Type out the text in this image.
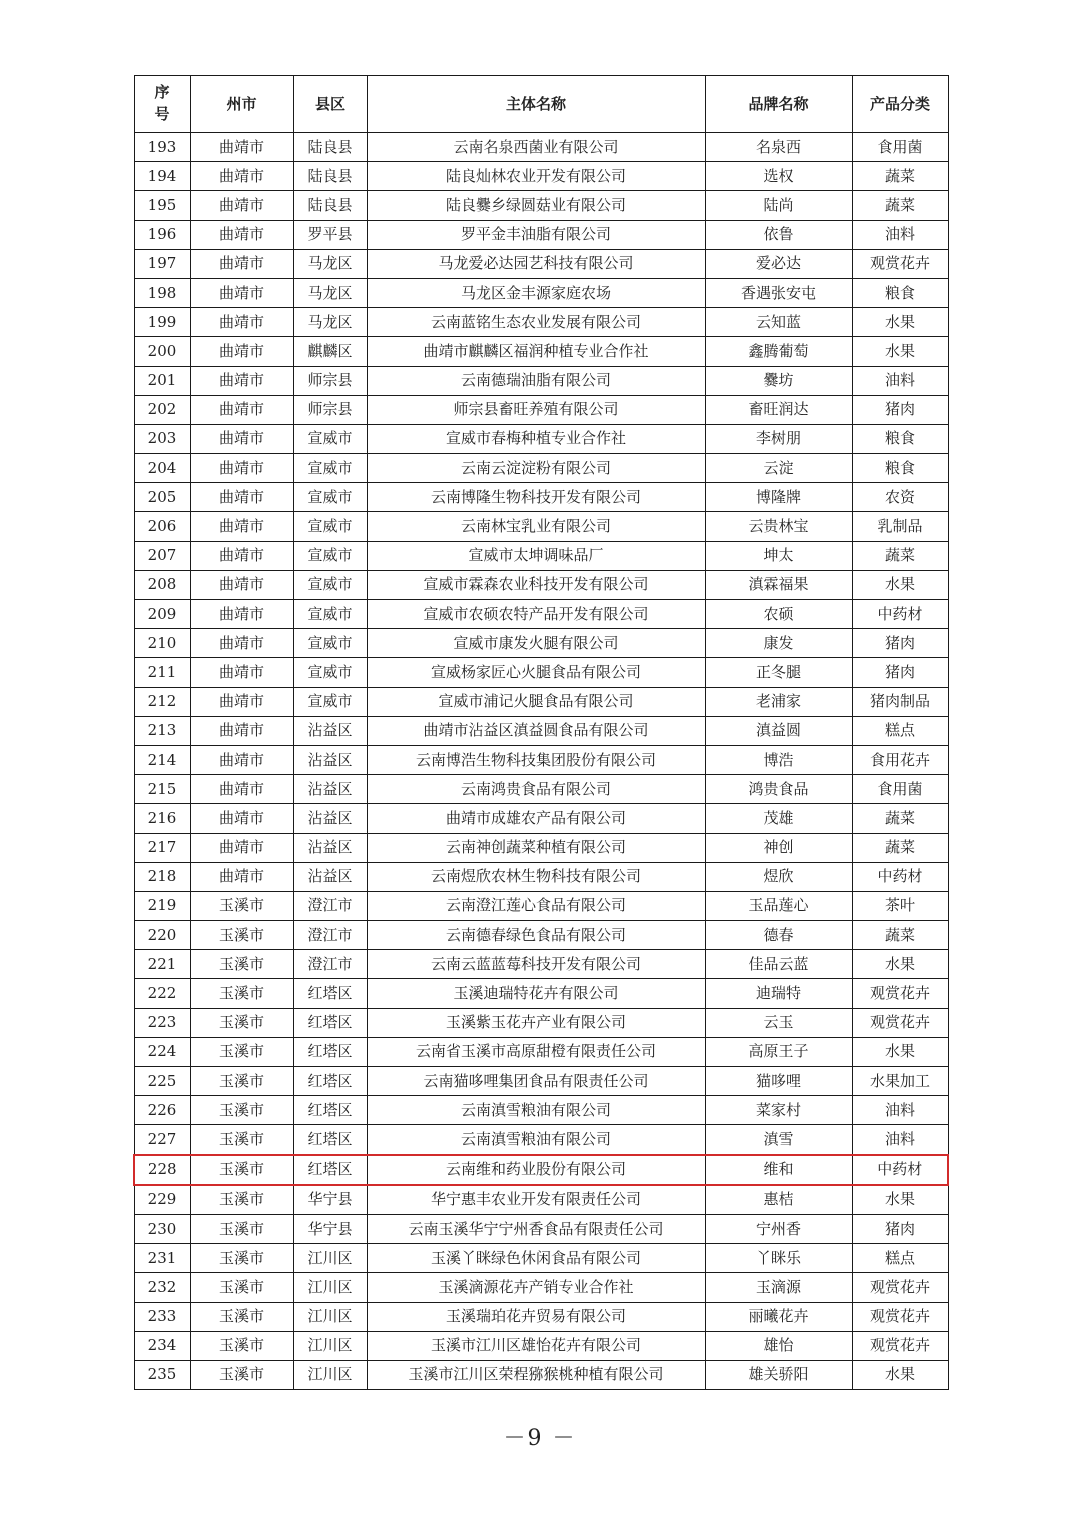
序
号	州市	县区	主体名称	品牌名称	产品分类
193	曲靖市	陆良县	云南名泉西菌业有限公司	名泉西	食用菌
194	曲靖市	陆良县	陆良灿林农业开发有限公司	选权	蔬菜
195	曲靖市	陆良县	陆良爨乡绿圆菇业有限公司	陆尚	蔬菜
196	曲靖市	罗平县	罗平金丰油脂有限公司	依鲁	油料
197	曲靖市	马龙区	马龙爱必达园艺科技有限公司	爱必达	观赏花卉
198	曲靖市	马龙区	马龙区金丰源家庭农场	香遇张安屯	粮食
199	曲靖市	马龙区	云南蓝铭生态农业发展有限公司	云知蓝	水果
200	曲靖市	麒麟区	曲靖市麒麟区福润种植专业合作社	鑫腾葡萄	水果
201	曲靖市	师宗县	云南德瑞油脂有限公司	爨坊	油料
202	曲靖市	师宗县	师宗县畜旺养殖有限公司	畜旺润达	猪肉
203	曲靖市	宣威市	宣威市春梅种植专业合作社	李树朋	粮食
204	曲靖市	宣威市	云南云淀淀粉有限公司	云淀	粮食
205	曲靖市	宣威市	云南博隆生物科技开发有限公司	博隆牌	农资
206	曲靖市	宣威市	云南林宝乳业有限公司	云贵林宝	乳制品
207	曲靖市	宣威市	宣威市太坤调味品厂	坤太	蔬菜
208	曲靖市	宣威市	宣威市霖森农业科技开发有限公司	滇霖福果	水果
209	曲靖市	宣威市	宣威市农硕农特产品开发有限公司	农硕	中药材
210	曲靖市	宣威市	宣威市康发火腿有限公司	康发	猪肉
211	曲靖市	宣威市	宣威杨家匠心火腿食品有限公司	正冬腿	猪肉
212	曲靖市	宣威市	宣威市浦记火腿食品有限公司	老浦家	猪肉制品
213	曲靖市	沾益区	曲靖市沾益区滇益圆食品有限公司	滇益圆	糕点
214	曲靖市	沾益区	云南博浩生物科技集团股份有限公司	博浩	食用花卉
215	曲靖市	沾益区	云南鸿贵食品有限公司	鸿贵食品	食用菌
216	曲靖市	沾益区	曲靖市成雄农产品有限公司	茂雄	蔬菜
217	曲靖市	沾益区	云南神创蔬菜种植有限公司	神创	蔬菜
218	曲靖市	沾益区	云南煜欣农林生物科技有限公司	煜欣	中药材
219	玉溪市	澄江市	云南澄江莲心食品有限公司	玉品莲心	茶叶
220	玉溪市	澄江市	云南德春绿色食品有限公司	德春	蔬菜
221	玉溪市	澄江市	云南云蓝蓝莓科技开发有限公司	佳品云蓝	水果
222	玉溪市	红塔区	玉溪迪瑞特花卉有限公司	迪瑞特	观赏花卉
223	玉溪市	红塔区	玉溪紫玉花卉产业有限公司	云玉	观赏花卉
224	玉溪市	红塔区	云南省玉溪市高原甜橙有限责任公司	高原王子	水果
225	玉溪市	红塔区	云南猫哆哩集团食品有限责任公司	猫哆哩	水果加工
226	玉溪市	红塔区	云南滇雪粮油有限公司	菜家村	油料
227	玉溪市	红塔区	云南滇雪粮油有限公司	滇雪	油料
228	玉溪市	红塔区	云南维和药业股份有限公司	维和	中药材
229	玉溪市	华宁县	华宁惠丰农业开发有限责任公司	惠桔	水果
230	玉溪市	华宁县	云南玉溪华宁宁州香食品有限责任公司	宁州香	猪肉
231	玉溪市	江川区	玉溪丫眯绿色休闲食品有限公司	丫眯乐	糕点
232	玉溪市	江川区	玉溪滴源花卉产销专业合作社	玉滴源	观赏花卉
233	玉溪市	江川区	玉溪瑞珀花卉贸易有限公司	丽曦花卉	观赏花卉
234	玉溪市	江川区	玉溪市江川区雄怡花卉有限公司	雄怡	观赏花卉
235	玉溪市	江川区	玉溪市江川区荣程猕猴桃种植有限公司	雄关骄阳	水果
－9 －
